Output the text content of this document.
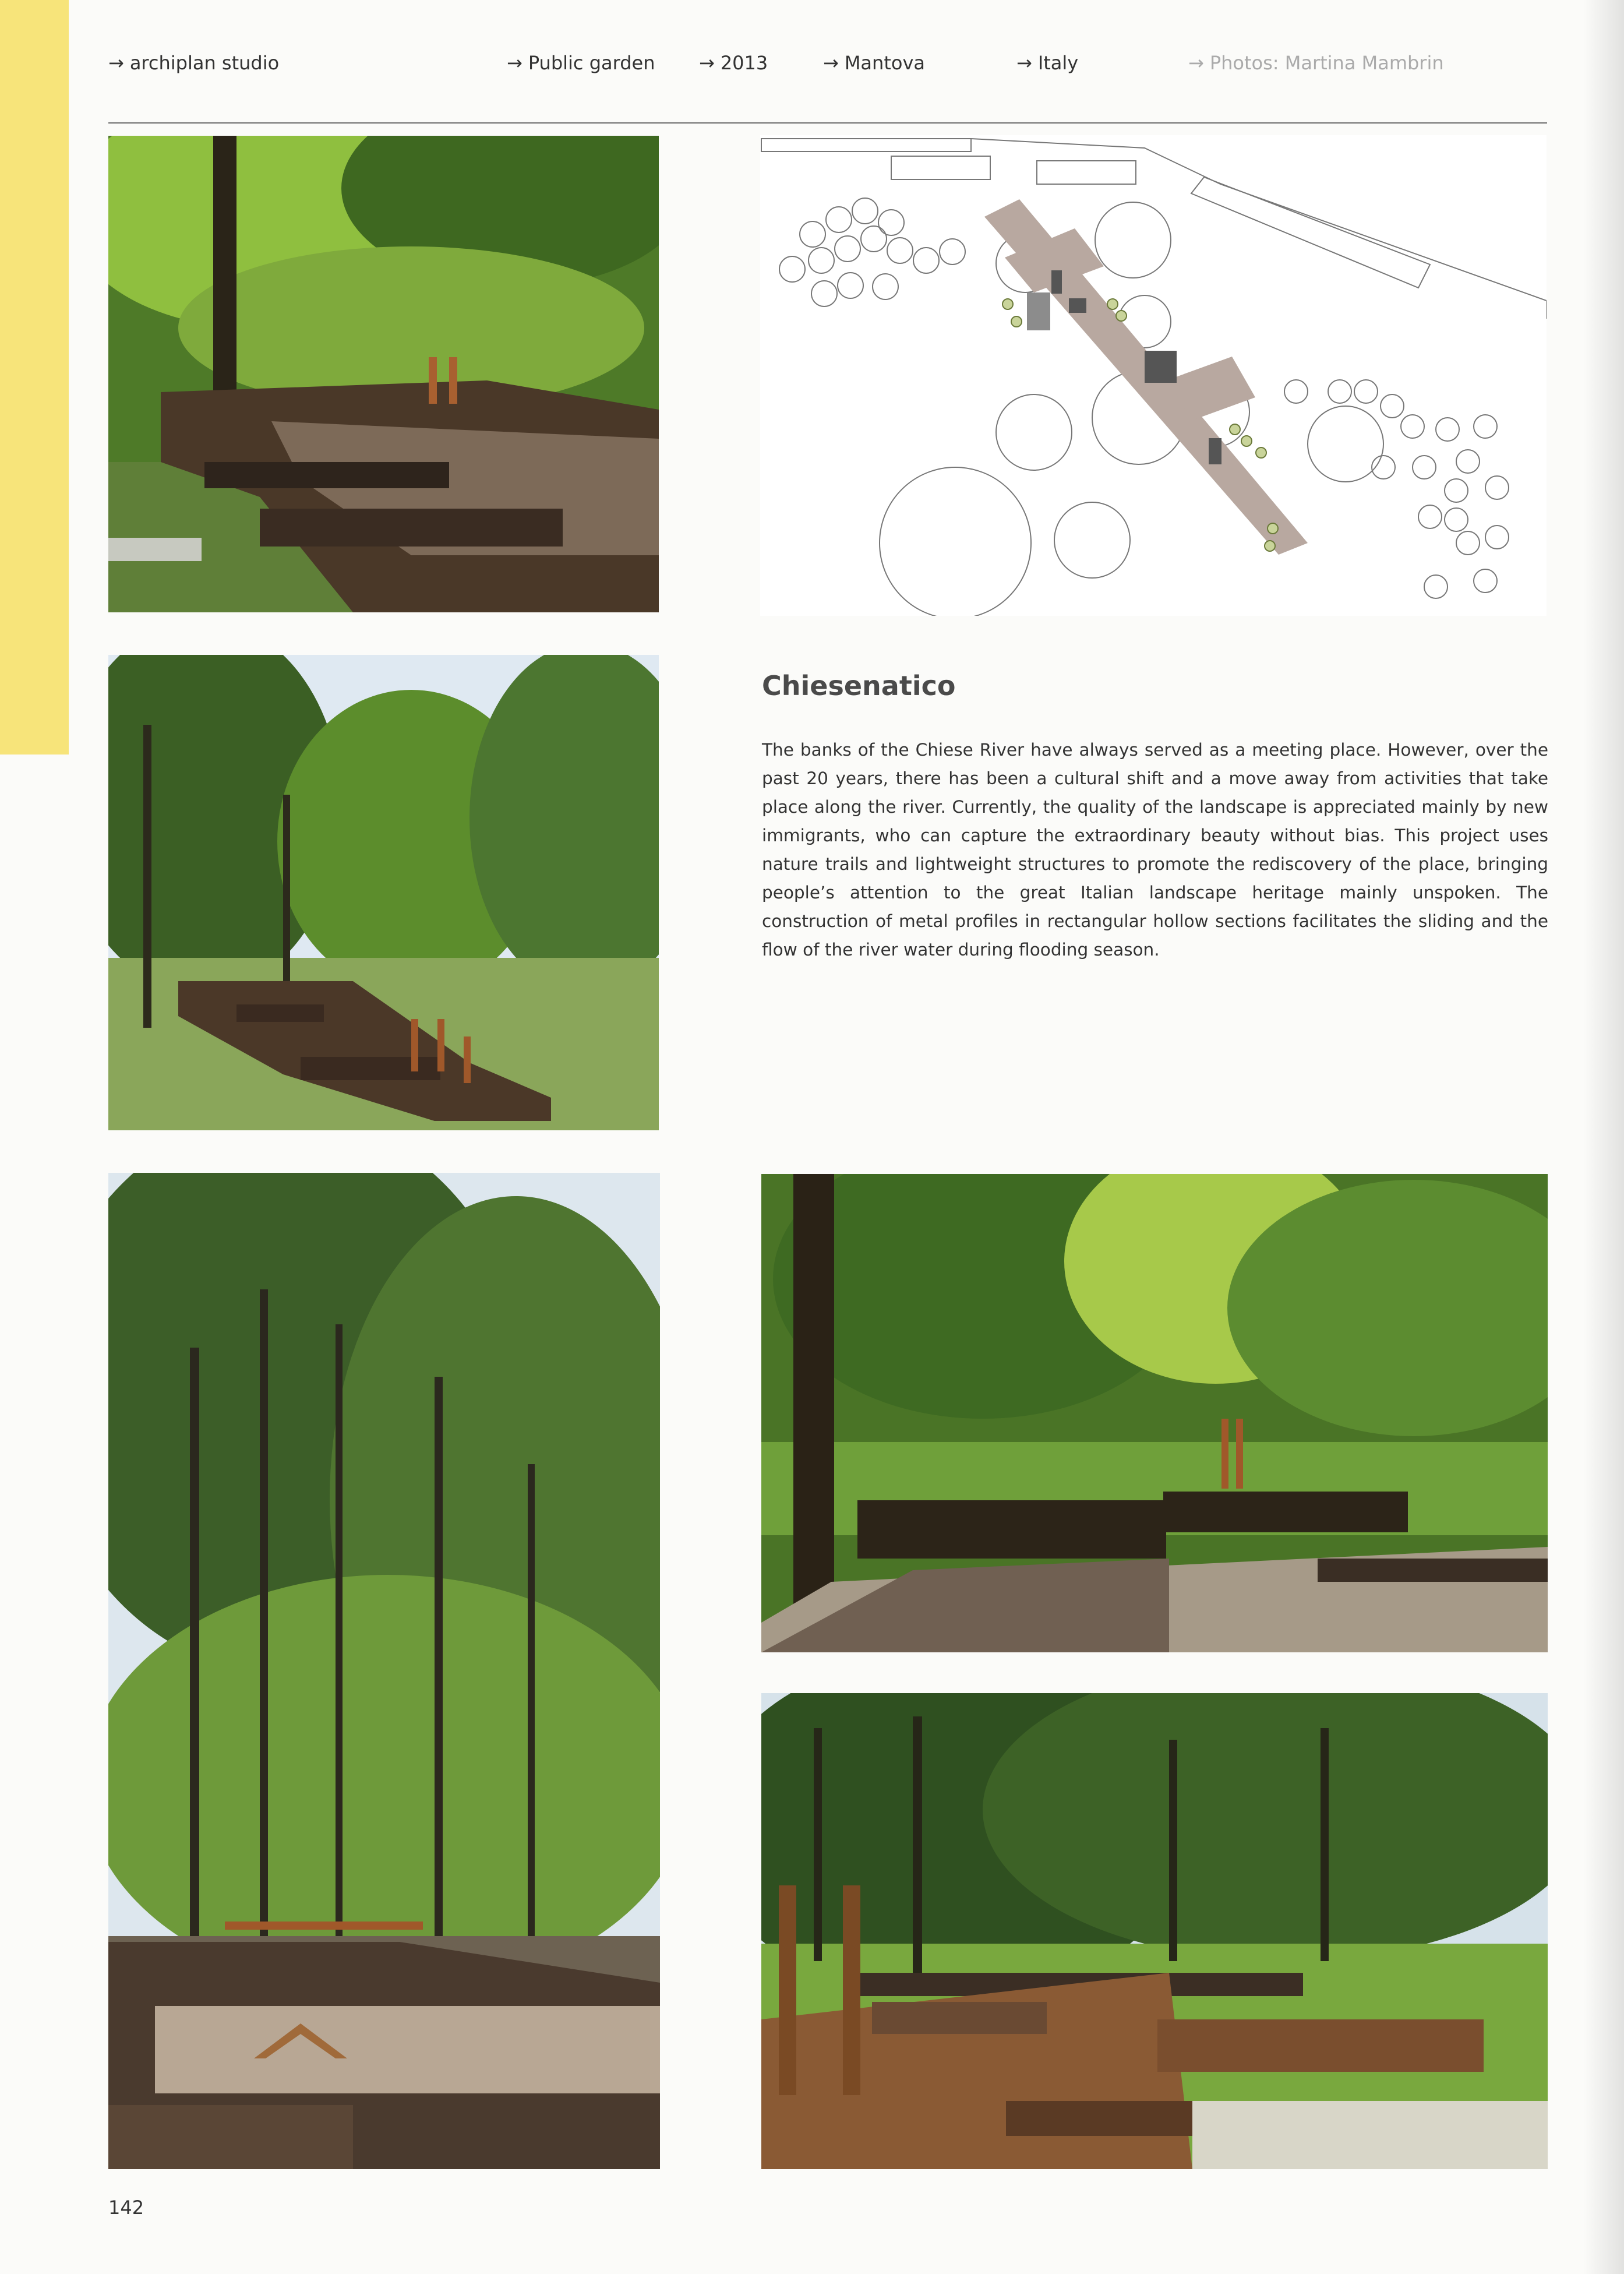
→ archiplan studio	→ Public garden → 2013	→ Mantova	→ Italy	→ Photos: Martina Mambrin
Chiesenatico

The banks of the Chiese River have always served as a meeting place. However, over the past 20 years, there has been a cultural shift and a move away from activities that take place along the river. Currently, the quality of the landscape is appreciated mainly by new immigrants, who can capture the extraordinary beauty without bias. This project uses nature trails and lightweight structures to promote the rediscovery of the place, bringing people’s attention to the great Italian landscape heritage mainly unspoken. The construction of metal profiles in rectangular hollow sections facilitates the sliding and the flow of the river water during flooding season.

142
